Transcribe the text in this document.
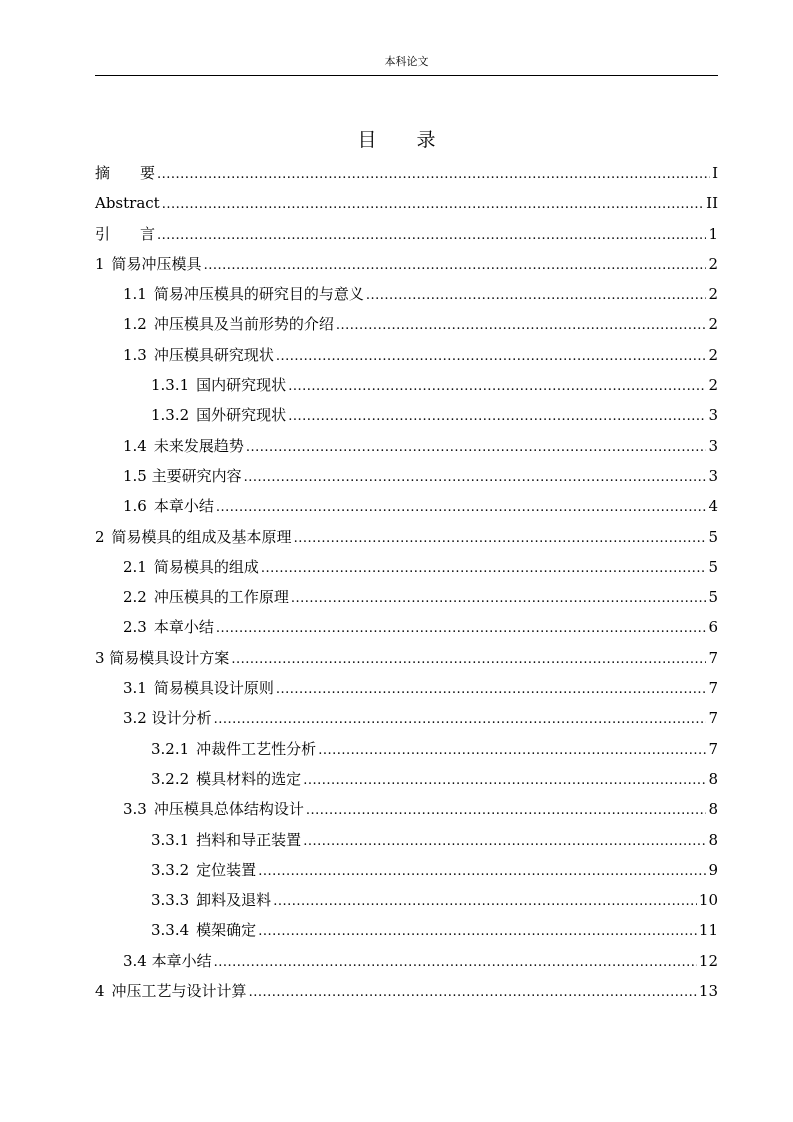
本科论文
目 录
摘　　要 .....	I
Abstract .....	II
引　　言 .....	1
1 简易冲压模具 .....	2
1.1 简易冲压模具的研究目的与意义 .....	2
1.2 冲压模具及当前形势的介绍 .....	2
1.3 冲压模具研究现状 .....	2
1.3.1 国内研究现状 .....	2
1.3.2 国外研究现状 .....	3
1.4 未来发展趋势 .....	3
1.5 主要研究内容 .....	3
1.6 本章小结 .....	4
2 简易模具的组成及基本原理 .....	5
2.1 简易模具的组成 .....	5
2.2 冲压模具的工作原理 .....	5
2.3 本章小结 .....	6
3 简易模具设计方案 .....	7
3.1 简易模具设计原则 .....	7
3.2 设计分析 .....	7
3.2.1 冲裁件工艺性分析 .....	7
3.2.2 模具材料的选定 .....	8
3.3 冲压模具总体结构设计 .....	8
3.3.1 挡料和导正装置 .....	8
3.3.2 定位装置 .....	9
3.3.3 卸料及退料 .....	10
3.3.4 模架确定 .....	11
3.4 本章小结 .....	12
4 冲压工艺与设计计算 .....	13
